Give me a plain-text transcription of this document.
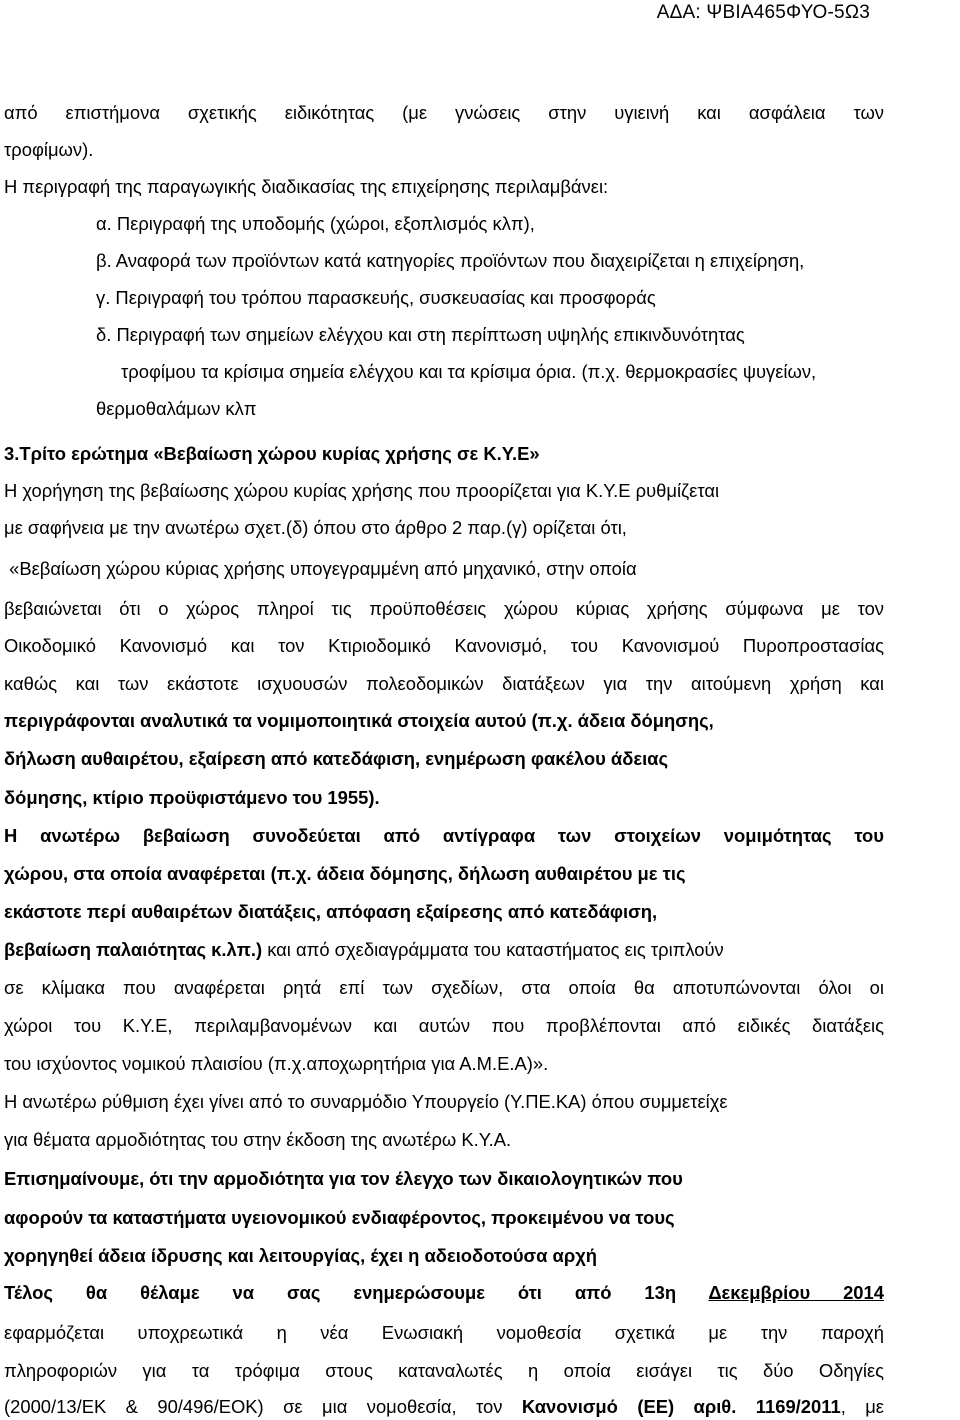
ΑΔΑ: ΨΒΙΑ465ΦΥΟ-5Ω3
από επιστήμονα σχετικής ειδικότητας (με γνώσεις στην υγιεινή και ασφάλεια των
τροφίμων).
Η περιγραφή της παραγωγικής διαδικασίας της επιχείρησης περιλαμβάνει:
α. Περιγραφή της υποδομής (χώροι, εξοπλισμός κλπ),
β. Αναφορά των προϊόντων κατά κατηγορίες προϊόντων που διαχειρίζεται η επιχείρηση,
γ. Περιγραφή του τρόπου παρασκευής, συσκευασίας και προσφοράς
δ. Περιγραφή των σημείων ελέγχου και στη περίπτωση υψηλής επικινδυνότητας
τροφίμου τα κρίσιμα σημεία ελέγχου και τα κρίσιμα όρια. (π.χ. θερμοκρασίες ψυγείων,
θερμοθαλάμων κλπ
3.Τρίτο ερώτημα «Βεβαίωση χώρου κυρίας χρήσης σε Κ.Υ.Ε»
Η χορήγηση της βεβαίωσης χώρου κυρίας χρήσης που προορίζεται για Κ.Υ.Ε ρυθμίζεται
με σαφήνεια με την ανωτέρω σχετ.(δ) όπου στο άρθρο 2 παρ.(γ) ορίζεται ότι,
«Βεβαίωση χώρου κύριας χρήσης υπογεγραμμένη από μηχανικό, στην οποία
βεβαιώνεται ότι ο χώρος πληροί τις προϋποθέσεις χώρου κύριας χρήσης σύμφωνα με τον
Οικοδομικό Κανονισμό και τον Κτιριοδομικό Κανονισμό, του Κανονισμού Πυροπροστασίας
καθώς και των εκάστοτε ισχυουσών πολεοδομικών διατάξεων για την αιτούμενη χρήση και
περιγράφονται αναλυτικά τα νομιμοποιητικά στοιχεία αυτού (π.χ. άδεια δόμησης,
δήλωση αυθαιρέτου, εξαίρεση από κατεδάφιση, ενημέρωση φακέλου άδειας
δόμησης, κτίριο προϋφιστάμενο του 1955).
Η ανωτέρω βεβαίωση συνοδεύεται από αντίγραφα των στοιχείων νομιμότητας του
χώρου, στα οποία αναφέρεται (π.χ. άδεια δόμησης, δήλωση αυθαιρέτου με τις
εκάστοτε περί αυθαιρέτων διατάξεις, απόφαση εξαίρεσης από κατεδάφιση,
βεβαίωση παλαιότητας κ.λπ.) και από σχεδιαγράμματα του καταστήματος εις τριπλούν
σε κλίμακα που αναφέρεται ρητά επί των σχεδίων, στα οποία θα αποτυπώνονται όλοι οι
χώροι του Κ.Υ.Ε, περιλαμβανομένων και αυτών που προβλέπονται από ειδικές διατάξεις
του ισχύοντος νομικού πλαισίου (π.χ.αποχωρητήρια για Α.Μ.Ε.Α)».
Η ανωτέρω ρύθμιση έχει γίνει από το συναρμόδιο Υπουργείο (Υ.ΠΕ.ΚΑ) όπου συμμετείχε
για θέματα αρμοδιότητας του στην έκδοση της ανωτέρω Κ.Υ.Α.
Επισημαίνουμε, ότι την αρμοδιότητα για τον έλεγχο των δικαιολογητικών που
αφορούν τα καταστήματα υγειονομικού ενδιαφέροντος, προκειμένου να τους
χορηγηθεί άδεια ίδρυσης και λειτουργίας, έχει η αδειοδοτούσα αρχή
Τέλος θα θέλαμε να σας ενημερώσουμε ότι από 13η Δεκεμβρίου 2014
εφαρμόζεται υποχρεωτικά η νέα Ενωσιακή νομοθεσία σχετικά με την παροχή
πληροφοριών για τα τρόφιμα στους καταναλωτές η οποία εισάγει τις δύο Οδηγίες
(2000/13/ΕΚ & 90/496/ΕΟΚ) σε μια νομοθεσία, τον Κανονισμό (ΕΕ) αριθ. 1169/2011, με
